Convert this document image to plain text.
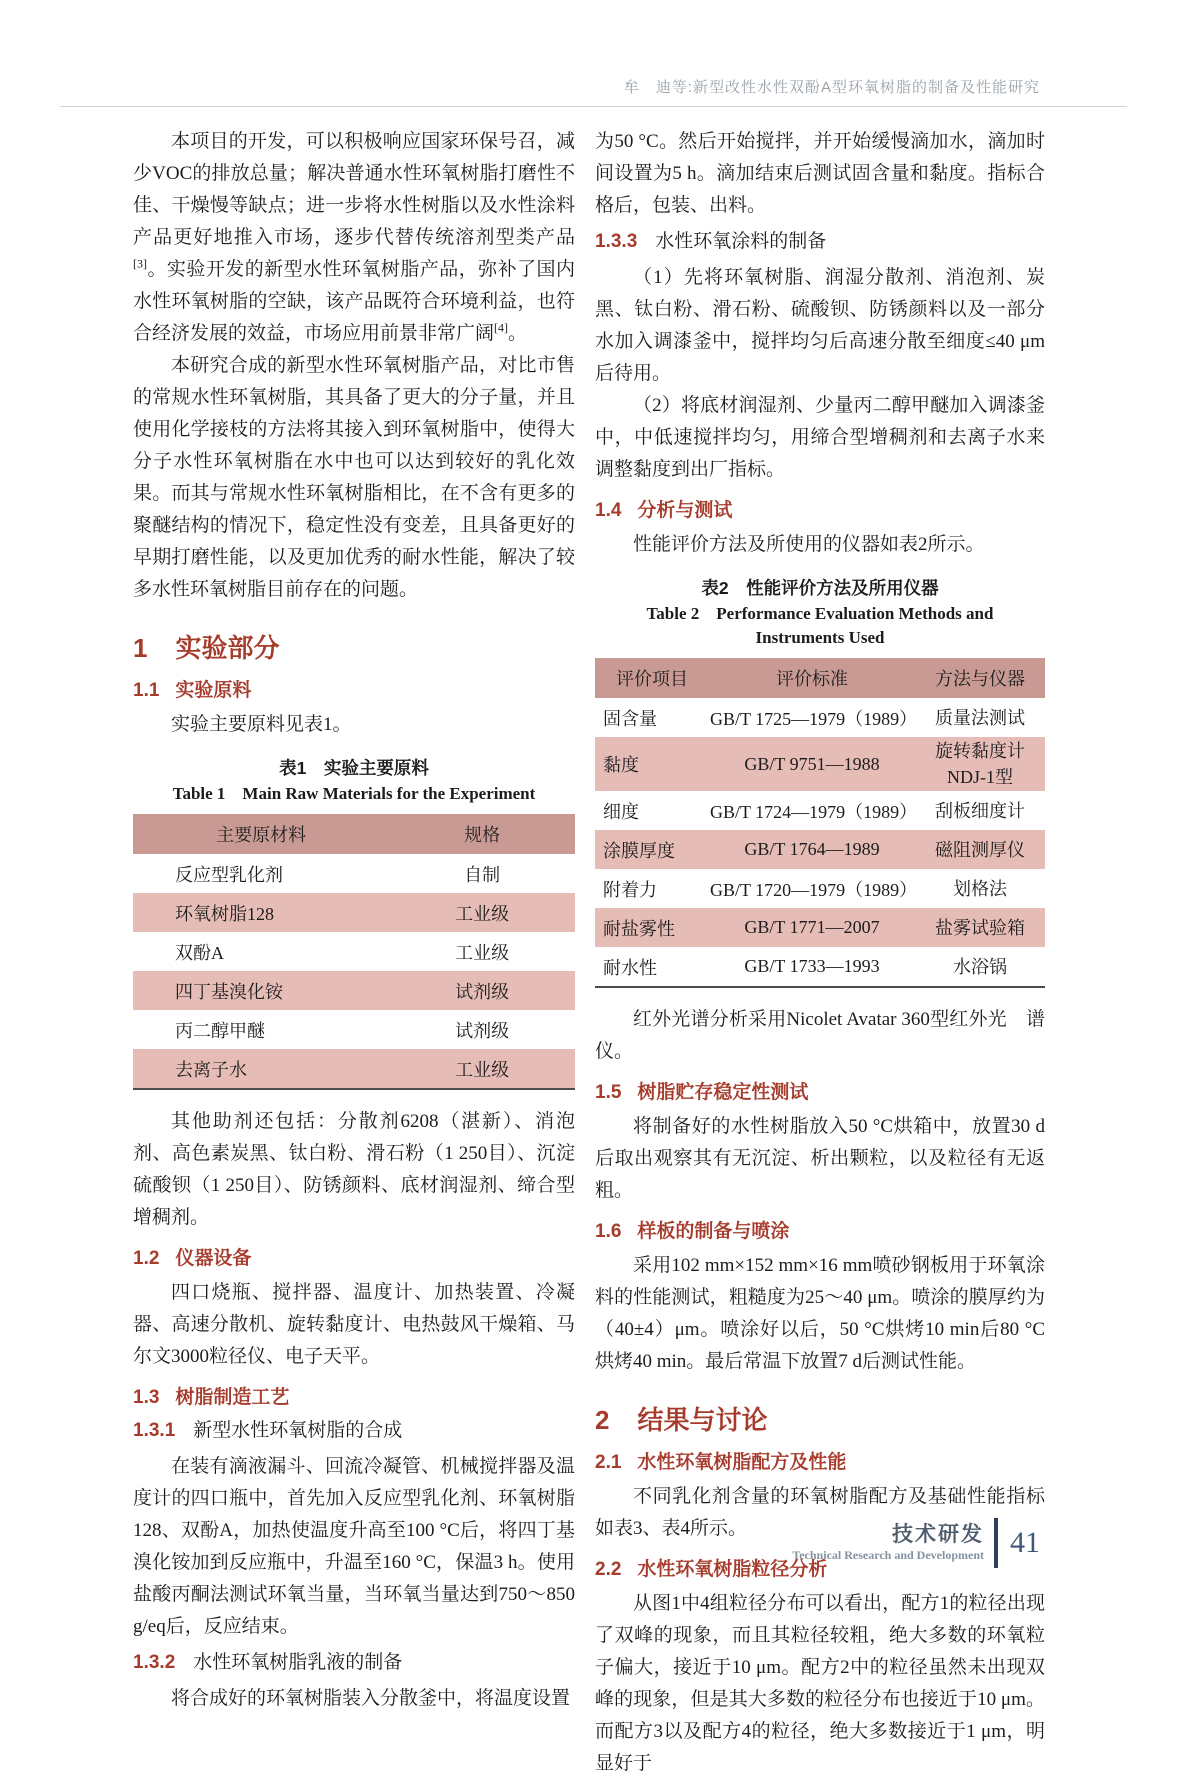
牟　迪等:新型改性水性双酚A型环氧树脂的制备及性能研究

本项目的开发，可以积极响应国家环保号召，减少VOC的排放总量；解决普通水性环氧树脂打磨性不佳、干燥慢等缺点；进一步将水性树脂以及水性涂料产品更好地推入市场，逐步代替传统溶剂型类产品[3]。实验开发的新型水性环氧树脂产品，弥补了国内水性环氧树脂的空缺，该产品既符合环境利益，也符合经济发展的效益，市场应用前景非常广阔[4]。

本研究合成的新型水性环氧树脂产品，对比市售的常规水性环氧树脂，其具备了更大的分子量，并且使用化学接枝的方法将其接入到环氧树脂中，使得大分子水性环氧树脂在水中也可以达到较好的乳化效果。而其与常规水性环氧树脂相比，在不含有更多的聚醚结构的情况下，稳定性没有变差，且具备更好的早期打磨性能，以及更加优秀的耐水性能，解决了较多水性环氧树脂目前存在的问题。

1 实验部分
1.1 实验原料

实验主要原料见表1。

表1　实验主要原料
Table 1　Main Raw Materials for the Experiment
主要原材料	规格
反应型乳化剂	自制
环氧树脂128	工业级
双酚A	工业级
四丁基溴化铵	试剂级
丙二醇甲醚	试剂级
去离子水	工业级

其他助剂还包括：分散剂6208（湛新）、消泡剂、高色素炭黑、钛白粉、滑石粉（1 250目）、沉淀硫酸钡（1 250目）、防锈颜料、底材润湿剂、缔合型增稠剂。

1.2 仪器设备

四口烧瓶、搅拌器、温度计、加热装置、冷凝器、高速分散机、旋转黏度计、电热鼓风干燥箱、马尔文3000粒径仪、电子天平。

1.3 树脂制造工艺
1.3.1 新型水性环氧树脂的合成

在装有滴液漏斗、回流冷凝管、机械搅拌器及温度计的四口瓶中，首先加入反应型乳化剂、环氧树脂128、双酚A，加热使温度升高至100 °C后，将四丁基溴化铵加到反应瓶中，升温至160 °C，保温3 h。使用盐酸丙酮法测试环氧当量，当环氧当量达到750～850 g/eq后，反应结束。

1.3.2 水性环氧树脂乳液的制备

将合成好的环氧树脂装入分散釜中，将温度设置

为50 °C。然后开始搅拌，并开始缓慢滴加水，滴加时间设置为5 h。滴加结束后测试固含量和黏度。指标合格后，包装、出料。

1.3.3 水性环氧涂料的制备

（1）先将环氧树脂、润湿分散剂、消泡剂、炭黑、钛白粉、滑石粉、硫酸钡、防锈颜料以及一部分水加入调漆釜中，搅拌均匀后高速分散至细度≤40 μm 后待用。

（2）将底材润湿剂、少量丙二醇甲醚加入调漆釜中，中低速搅拌均匀，用缔合型增稠剂和去离子水来调整黏度到出厂指标。

1.4 分析与测试

性能评价方法及所使用的仪器如表2所示。

表2　性能评价方法及所用仪器
Table 2　Performance Evaluation Methods and
Instruments Used
评价项目	评价标准	方法与仪器
固含量	GB/T 1725—1979（1989）	质量法测试
黏度	GB/T 9751—1988	旋转黏度计NDJ-1型
细度	GB/T 1724—1979（1989）	刮板细度计
涂膜厚度	GB/T 1764—1989	磁阻测厚仪
附着力	GB/T 1720—1979（1989）	划格法
耐盐雾性	GB/T 1771—2007	盐雾试验箱
耐水性	GB/T 1733—1993	水浴锅

红外光谱分析采用Nicolet Avatar 360型红外光　谱仪。

1.5 树脂贮存稳定性测试

将制备好的水性树脂放入50 °C烘箱中，放置30 d后取出观察其有无沉淀、析出颗粒，以及粒径有无返粗。

1.6 样板的制备与喷涂

采用102 mm×152 mm×16 mm喷砂钢板用于环氧涂料的性能测试，粗糙度为25～40 μm。喷涂的膜厚约为（40±4）μm。喷涂好以后，50 °C烘烤10 min后80 °C烘烤40 min。最后常温下放置7 d后测试性能。

2 结果与讨论
2.1 水性环氧树脂配方及性能

不同乳化剂含量的环氧树脂配方及基础性能指标如表3、表4所示。

2.2 水性环氧树脂粒径分析

从图1中4组粒径分布可以看出，配方1的粒径出现了双峰的现象，而且其粒径较粗，绝大多数的环氧粒子偏大，接近于10 μm。配方2中的粒径虽然未出现双峰的现象，但是其大多数的粒径分布也接近于10 μm。而配方3以及配方4的粒径，绝大多数接近于1 μm，明显好于

技术研发
Technical Research and Development 41
